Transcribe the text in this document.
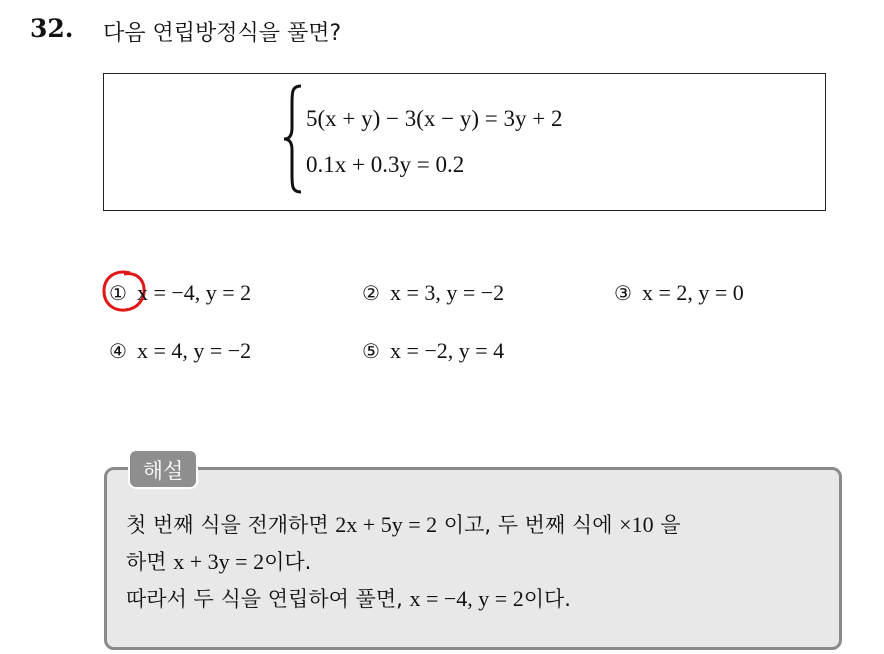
32. 다음 연립방정식을 풀면?
5(x + y) − 3(x − y) = 3y + 2
0.1x + 0.3y = 0.2
① x = −4, y = 2	② x = 3, y = −2	③ x = 2, y = 0
④ x = 4, y = −2	⑤ x = −2, y = 4
해설
첫 번째 식을 전개하면 2x + 5y = 2 이고, 두 번째 식에 ×10 을
하면 x + 3y = 2이다.
따라서 두 식을 연립하여 풀면, x = −4, y = 2이다.
